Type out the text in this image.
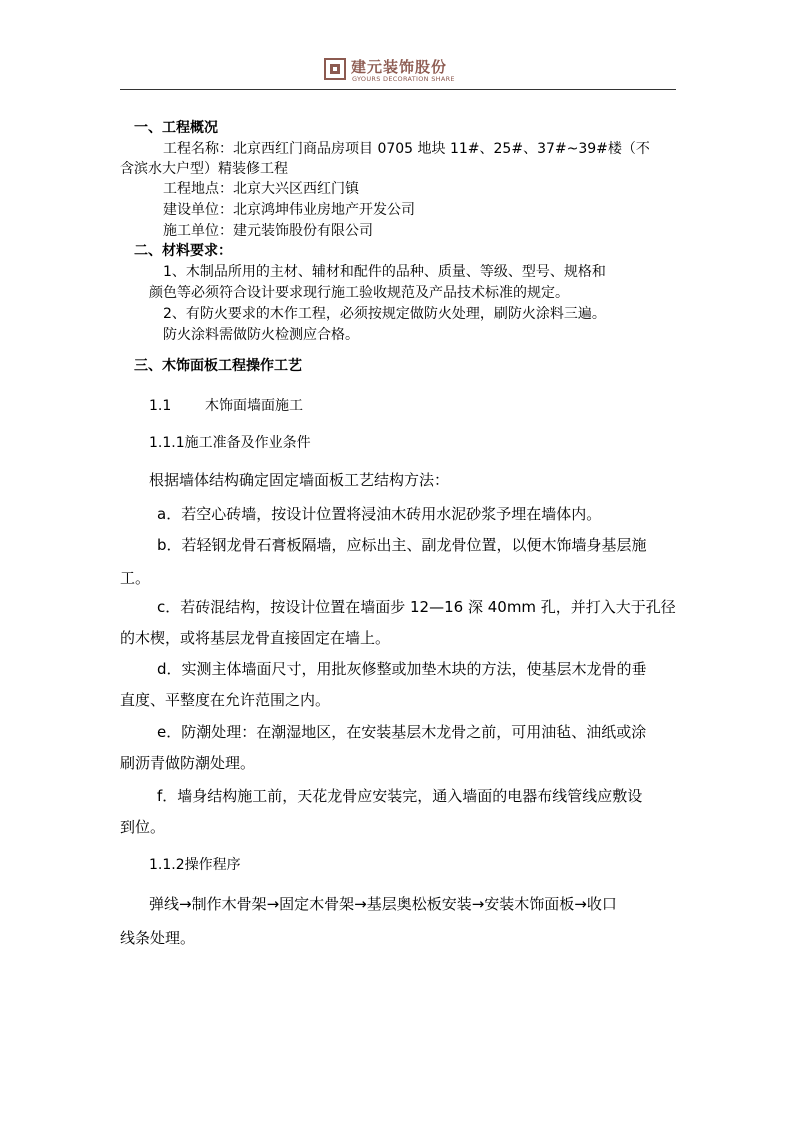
建元装饰股份
GYOURS DECORATION SHARE
一、工程概况
工程名称：北京西红门商品房项目 0705 地块 11#、25#、37#~39#楼（不
含滨水大户型）精装修工程
工程地点：北京大兴区西红门镇
建设单位：北京鸿坤伟业房地产开发公司
施工单位：建元装饰股份有限公司
二、材料要求：
1、木制品所用的主材、辅材和配件的品种、质量、等级、型号、规格和
颜色等必须符合设计要求现行施工验收规范及产品技术标准的规定。
2、有防火要求的木作工程，必须按规定做防火处理，刷防火涂料三遍。
防火涂料需做防火检测应合格。
三、木饰面板工程操作工艺
1.1 木饰面墙面施工
1.1.1施工准备及作业条件
根据墙体结构确定固定墙面板工艺结构方法：
a．若空心砖墙，按设计位置将浸油木砖用水泥砂浆予埋在墙体内。
b．若轻钢龙骨石膏板隔墙，应标出主、副龙骨位置，以便木饰墙身基层施
工。
c．若砖混结构，按设计位置在墙面步 12—16 深 40mm 孔，并打入大于孔径
的木楔，或将基层龙骨直接固定在墙上。
d．实测主体墙面尺寸，用批灰修整或加垫木块的方法，使基层木龙骨的垂
直度、平整度在允许范围之内。
e．防潮处理：在潮湿地区，在安装基层木龙骨之前，可用油毡、油纸或涂
刷沥青做防潮处理。
f．墙身结构施工前，天花龙骨应安装完，通入墙面的电器布线管线应敷设
到位。
1.1.2操作程序
弹线→制作木骨架→固定木骨架→基层奥松板安装→安装木饰面板→收口
线条处理。
